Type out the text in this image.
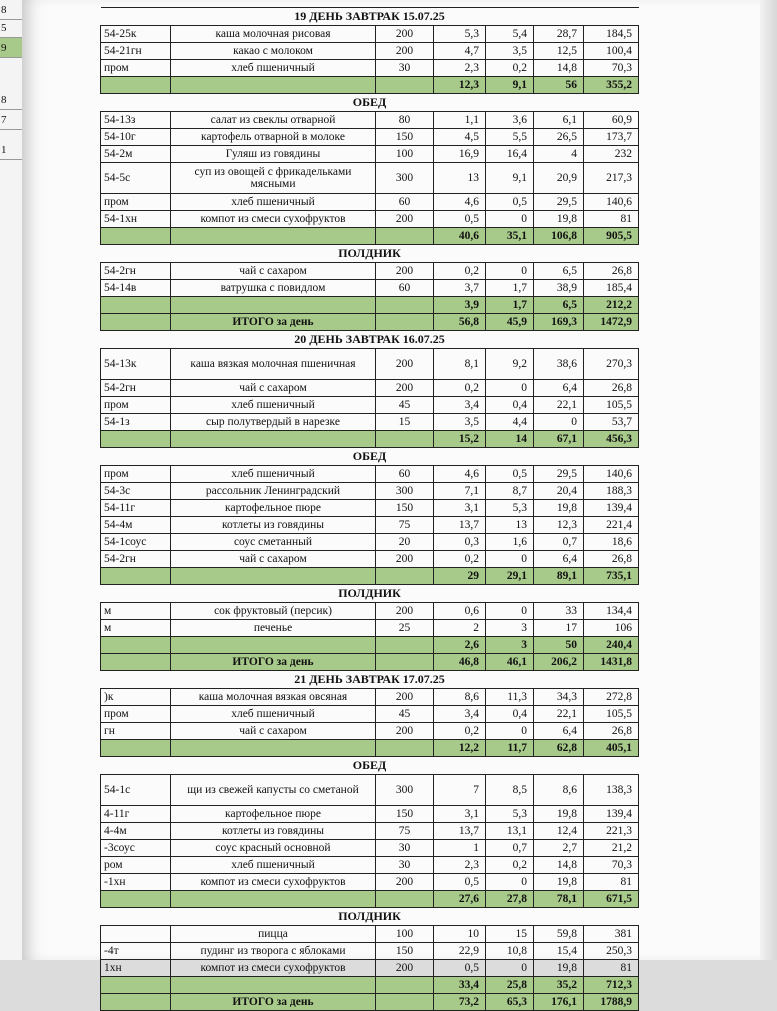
8
5
9
8
7
1
19 ДЕНЬ ЗАВТРАК 15.07.25						
54-25к	каша молочная рисовая	200	5,3	5,4	28,7	184,5
54-21гн	какао с молоком	200	4,7	3,5	12,5	100,4
пром	хлеб пшеничный	30	2,3	0,2	14,8	70,3
			12,3	9,1	56	355,2
ОБЕД						
54-13з	салат из свеклы отварной	80	1,1	3,6	6,1	60,9
54-10г	картофель отварной в молоке	150	4,5	5,5	26,5	173,7
54-2м	Гуляш из говядины	100	16,9	16,4	4	232
54-5с	суп из овощей с фрикадельками мясными	300	13	9,1	20,9	217,3
пром	хлеб пшеничный	60	4,6	0,5	29,5	140,6
54-1хн	компот из смеси сухофруктов	200	0,5	0	19,8	81
			40,6	35,1	106,8	905,5
ПОЛДНИК						
54-2гн	чай с сахаром	200	0,2	0	6,5	26,8
54-14в	ватрушка с повидлом	60	3,7	1,7	38,9	185,4
			3,9	1,7	6,5	212,2
	ИТОГО за день		56,8	45,9	169,3	1472,9
20 ДЕНЬ ЗАВТРАК 16.07.25						
54-13к	каша вязкая молочная пшеничная	200	8,1	9,2	38,6	270,3
54-2гн	чай с сахаром	200	0,2	0	6,4	26,8
пром	хлеб пшеничный	45	3,4	0,4	22,1	105,5
54-1з	сыр полутвердый в нарезке	15	3,5	4,4	0	53,7
			15,2	14	67,1	456,3
ОБЕД						
пром	хлеб пшеничный	60	4,6	0,5	29,5	140,6
54-3с	рассольник Ленинградский	300	7,1	8,7	20,4	188,3
54-11г	картофельное пюре	150	3,1	5,3	19,8	139,4
54-4м	котлеты из говядины	75	13,7	13	12,3	221,4
54-1соус	соус сметанный	20	0,3	1,6	0,7	18,6
54-2гн	чай с сахаром	200	0,2	0	6,4	26,8
			29	29,1	89,1	735,1
ПОЛДНИК						
м	сок фруктовый (персик)	200	0,6	0	33	134,4
м	печенье	25	2	3	17	106
			2,6	3	50	240,4
	ИТОГО за день		46,8	46,1	206,2	1431,8
21 ДЕНЬ ЗАВТРАК 17.07.25						
)к	каша молочная вязкая овсяная	200	8,6	11,3	34,3	272,8
пром	хлеб пшеничный	45	3,4	0,4	22,1	105,5
гн	чай с сахаром	200	0,2	0	6,4	26,8
			12,2	11,7	62,8	405,1
ОБЕД						
54-1с	щи из свежей капусты со сметаной	300	7	8,5	8,6	138,3
4-11г	картофельное пюре	150	3,1	5,3	19,8	139,4
4-4м	котлеты из говядины	75	13,7	13,1	12,4	221,3
-3соус	соус красный основной	30	1	0,7	2,7	21,2
ром	хлеб пшеничный	30	2,3	0,2	14,8	70,3
-1хн	компот из смеси сухофруктов	200	0,5	0	19,8	81
			27,6	27,8	78,1	671,5
ПОЛДНИК						
	пицца	100	10	15	59,8	381
-4т	пудинг из творога с яблоками	150	22,9	10,8	15,4	250,3
1хн	компот из смеси сухофруктов	200	0,5	0	19,8	81
			33,4	25,8	35,2	712,3
	ИТОГО за день		73,2	65,3	176,1	1788,9
